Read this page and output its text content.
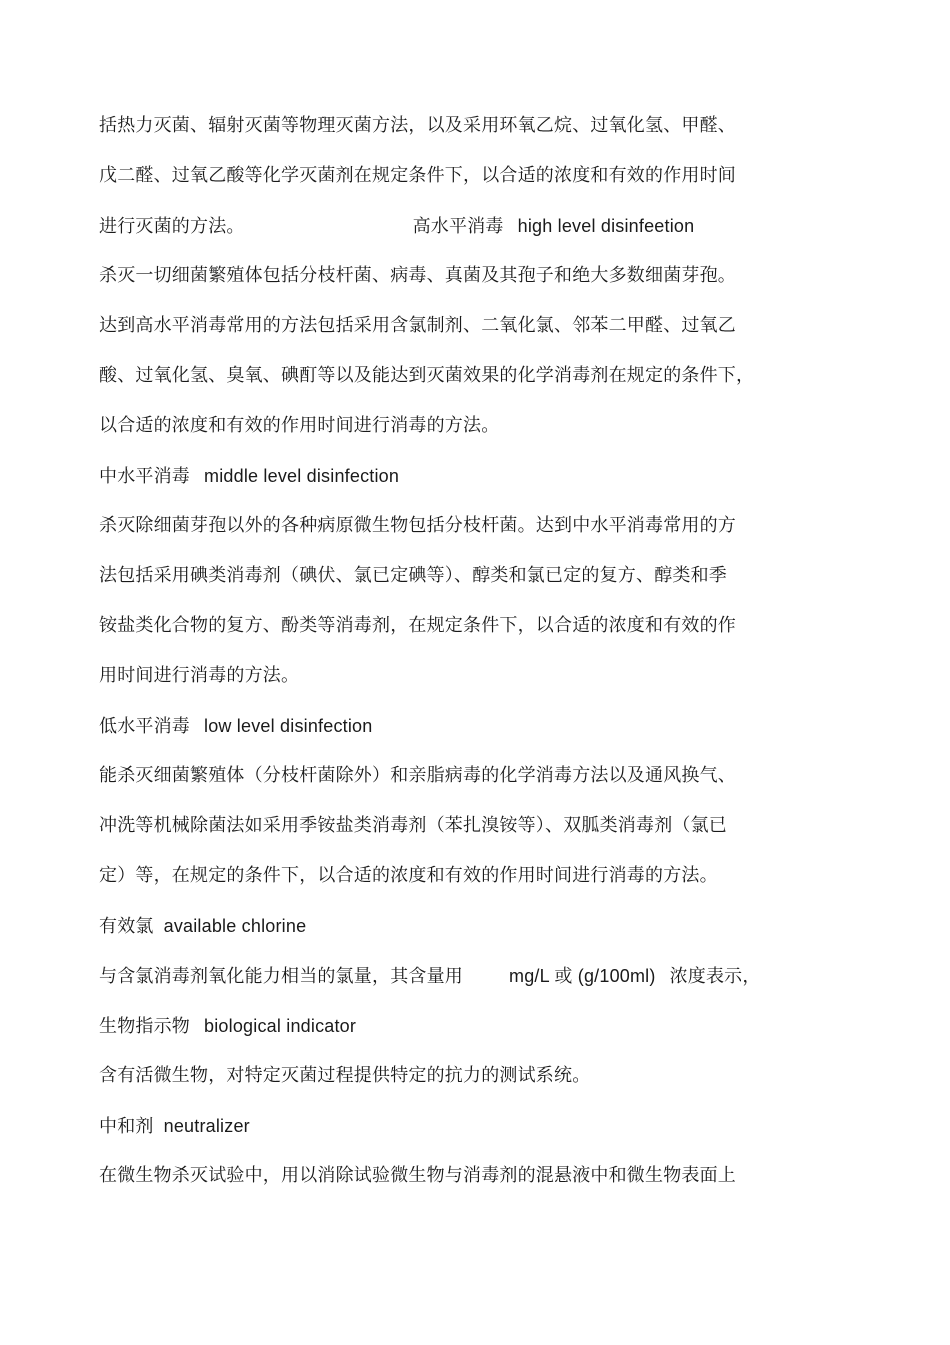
括热力灭菌、辐射灭菌等物理灭菌方法，以及采用环氧乙烷、过氧化氢、甲醛、
戊二醛、过氧乙酸等化学灭菌剂在规定条件下，以合适的浓度和有效的作用时间
进行灭菌的方法。	高水平消毒 high level disinfeetion
杀灭一切细菌繁殖体包括分枝杆菌、病毒、真菌及其孢子和绝大多数细菌芽孢。
达到高水平消毒常用的方法包括采用含氯制剂、二氧化氯、邻苯二甲醛、过氧乙
酸、过氧化氢、臭氧、碘酊等以及能达到灭菌效果的化学消毒剂在规定的条件下，
以合适的浓度和有效的作用时间进行消毒的方法。
中水平消毒 middle level disinfection
杀灭除细菌芽孢以外的各种病原微生物包括分枝杆菌。达到中水平消毒常用的方
法包括采用碘类消毒剂（碘伏、氯已定碘等）、醇类和氯已定的复方、醇类和季
铵盐类化合物的复方、酚类等消毒剂，在规定条件下，以合适的浓度和有效的作
用时间进行消毒的方法。
低水平消毒 low level disinfection
能杀灭细菌繁殖体（分枝杆菌除外）和亲脂病毒的化学消毒方法以及通风换气、
冲洗等机械除菌法如采用季铵盐类消毒剂（苯扎溴铵等）、双胍类消毒剂（氯已
定）等，在规定的条件下，以合适的浓度和有效的作用时间进行消毒的方法。
有效氯 available chlorine
与含氯消毒剂氧化能力相当的氯量，其含量用	mg/L 或 (g/100ml) 浓度表示，
生物指示物 biological indicator
含有活微生物，对特定灭菌过程提供特定的抗力的测试系统。
中和剂 neutralizer
在微生物杀灭试验中，用以消除试验微生物与消毒剂的混悬液中和微生物表面上
